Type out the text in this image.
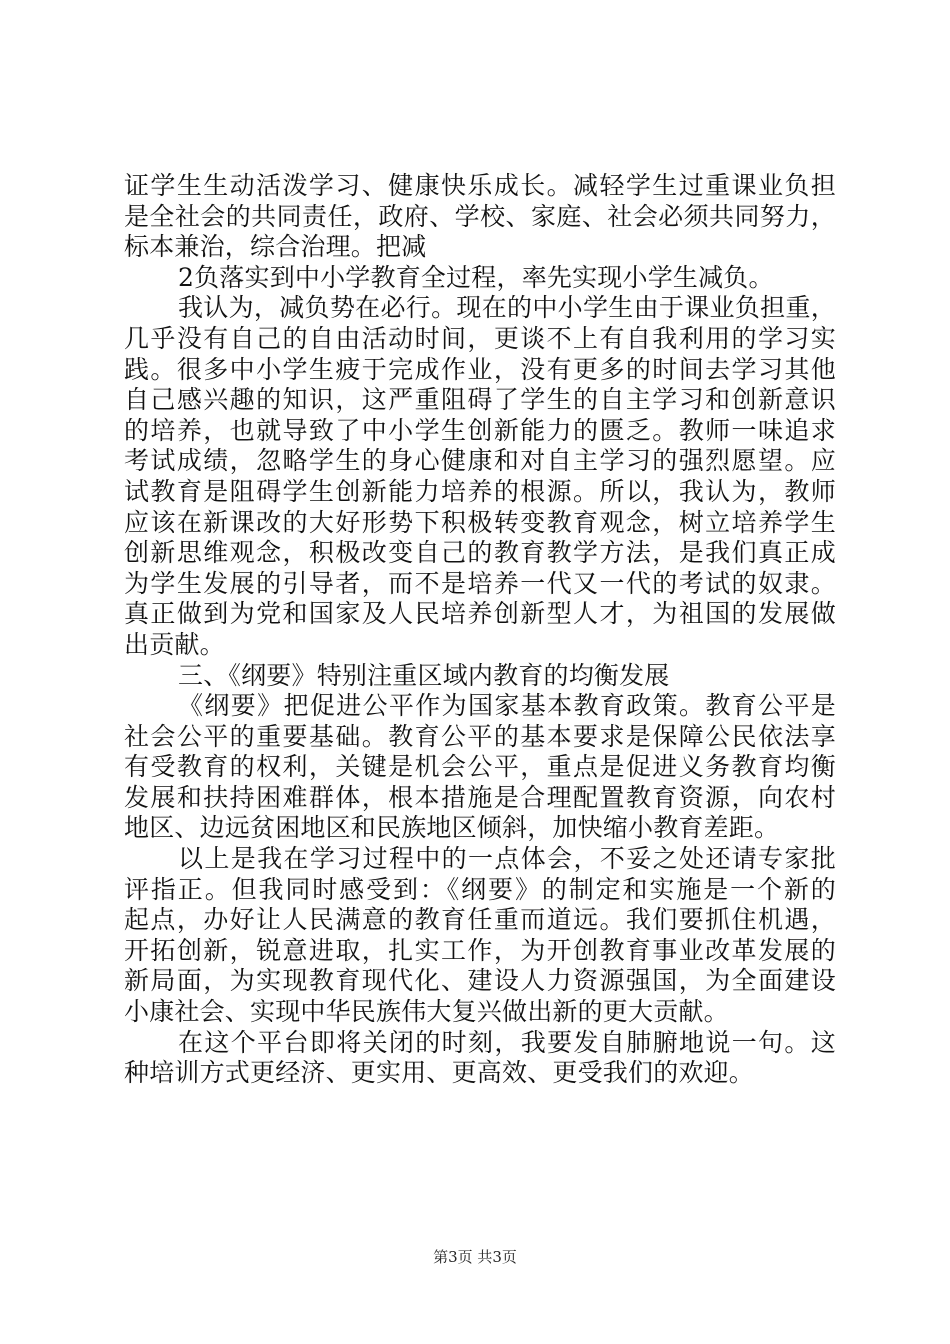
证学生生动活泼学习、健康快乐成长。减轻学生过重课业负担
是全社会的共同责任，政府、学校、家庭、社会必须共同努力，
标本兼治，综合治理。把减
2负落实到中小学教育全过程，率先实现小学生减负。
我认为，减负势在必行。现在的中小学生由于课业负担重，
几乎没有自己的自由活动时间，更谈不上有自我利用的学习实
践。很多中小学生疲于完成作业，没有更多的时间去学习其他
自己感兴趣的知识，这严重阻碍了学生的自主学习和创新意识
的培养，也就导致了中小学生创新能力的匮乏。教师一味追求
考试成绩，忽略学生的身心健康和对自主学习的强烈愿望。应
试教育是阻碍学生创新能力培养的根源。所以，我认为，教师
应该在新课改的大好形势下积极转变教育观念，树立培养学生
创新思维观念，积极改变自己的教育教学方法，是我们真正成
为学生发展的引导者，而不是培养一代又一代的考试的奴隶。
真正做到为党和国家及人民培养创新型人才，为祖国的发展做
出贡献。
三、《纲要》特别注重区域内教育的均衡发展
《纲要》把促进公平作为国家基本教育政策。教育公平是
社会公平的重要基础。教育公平的基本要求是保障公民依法享
有受教育的权利，关键是机会公平，重点是促进义务教育均衡
发展和扶持困难群体，根本措施是合理配置教育资源，向农村
地区、边远贫困地区和民族地区倾斜，加快缩小教育差距。
以上是我在学习过程中的一点体会，不妥之处还请专家批
评指正。但我同时感受到：《纲要》的制定和实施是一个新的
起点，办好让人民满意的教育任重而道远。我们要抓住机遇，
开拓创新，锐意进取，扎实工作，为开创教育事业改革发展的
新局面，为实现教育现代化、建设人力资源强国，为全面建设
小康社会、实现中华民族伟大复兴做出新的更大贡献。
在这个平台即将关闭的时刻，我要发自肺腑地说一句。这
种培训方式更经济、更实用、更高效、更受我们的欢迎。
第3页 共3页
